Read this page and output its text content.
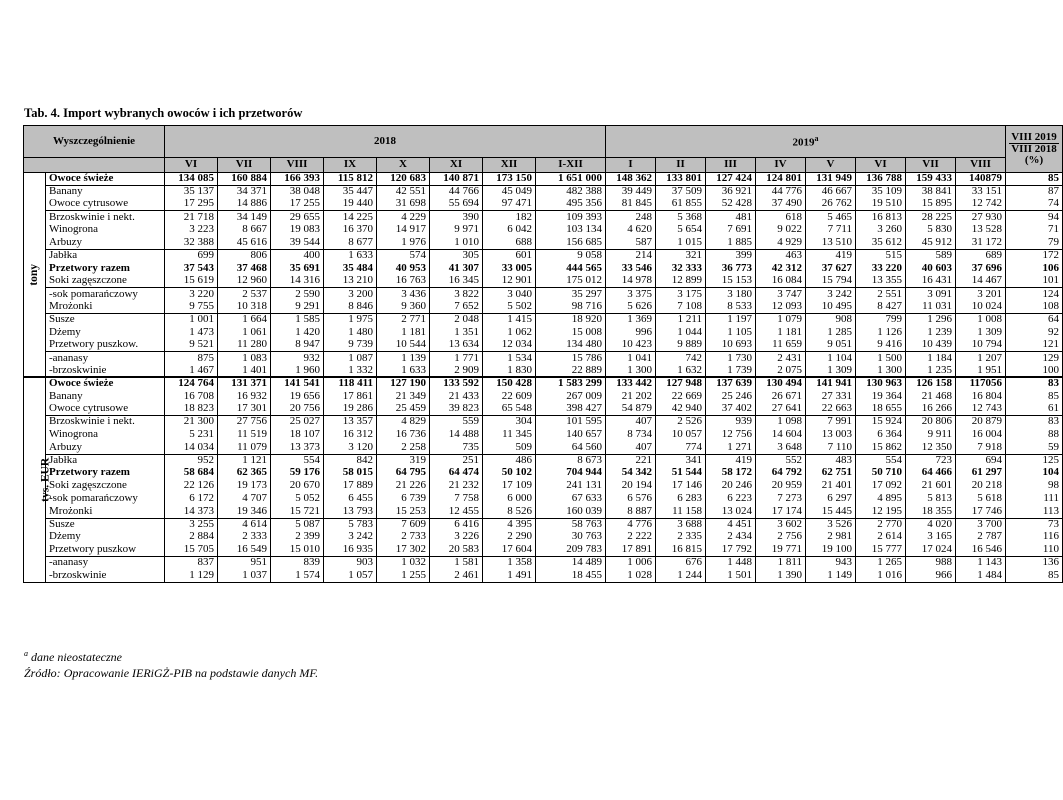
Tab. 4. Import wybranych owoców i ich przetworów
Wyszczególnienie		2018								2019$^a$								VIII 2019
VIII 2018
(%)

		VI	VII	VIII	IX	X	XI	XII	I-XII	I	II	III	IV	V	VI	VII	VIII	
tony	Owoce świeże	134 085	160 884	166 393	115 812	120 683	140 871	173 150	1 651 000	148 362	133 801	127 424	124 801	131 949	136 788	159 433	140879	85
	Banany	35 137	34 371	38 048	35 447	42 551	44 766	45 049	482 388	39 449	37 509	36 921	44 776	46 667	35 109	38 841	33 151	87
	Owoce cytrusowe	17 295	14 886	17 255	19 440	31 698	55 694	97 471	495 356	81 845	61 855	52 428	37 490	26 762	19 510	15 895	12 742	74
	Brzoskwinie i nekt.	21 718	34 149	29 655	14 225	4 229	390	182	109 393	248	5 368	481	618	5 465	16 813	28 225	27 930	94
	Winogrona	3 223	8 667	19 083	16 370	14 917	9 971	6 042	103 134	4 620	5 654	7 691	9 022	7 711	3 260	5 830	13 528	71
	Arbuzy	32 388	45 616	39 544	8 677	1 976	1 010	688	156 685	587	1 015	1 885	4 929	13 510	35 612	45 912	31 172	79
	Jabłka	699	806	400	1 633	574	305	601	9 058	214	321	399	463	419	515	589	689	172
	Przetwory razem	37 543	37 468	35 691	35 484	40 953	41 307	33 005	444 565	33 546	32 333	36 773	42 312	37 627	33 220	40 603	37 696	106
	Soki zagęszczone	15 619	12 960	14 316	13 210	16 763	16 345	12 901	175 012	14 978	12 899	15 153	16 084	15 794	13 355	16 431	14 467	101
	-sok pomarańczowy	3 220	2 537	2 590	3 200	3 436	3 822	3 040	35 297	3 375	3 175	3 180	3 747	3 242	2 551	3 091	3 201	124
	Mrożonki	9 755	10 318	9 291	8 846	9 360	7 652	5 502	98 716	5 626	7 108	8 533	12 093	10 495	8 427	11 031	10 024	108
	Susze	1 001	1 664	1 585	1 975	2 771	2 048	1 415	18 920	1 369	1 211	1 197	1 079	908	799	1 296	1 008	64
	Dżemy	1 473	1 061	1 420	1 480	1 181	1 351	1 062	15 008	996	1 044	1 105	1 181	1 285	1 126	1 239	1 309	92
	Przetwory puszkow.	9 521	11 280	8 947	9 739	10 544	13 634	12 034	134 480	10 423	9 889	10 693	11 659	9 051	9 416	10 439	10 794	121
	-ananasy	875	1 083	932	1 087	1 139	1 771	1 534	15 786	1 041	742	1 730	2 431	1 104	1 500	1 184	1 207	129
	-brzoskwinie	1 467	1 401	1 960	1 332	1 633	2 909	1 830	22 889	1 300	1 632	1 739	2 075	1 309	1 300	1 235	1 951	100
tys. EUR	Owoce świeże	124 764	131 371	141 541	118 411	127 190	133 592	150 428	1 583 299	133 442	127 948	137 639	130 494	141 941	130 963	126 158	117056	83
	Banany	16 708	16 932	19 656	17 861	21 349	21 433	22 609	267 009	21 202	22 669	25 246	26 671	27 331	19 364	21 468	16 804	85
	Owoce cytrusowe	18 823	17 301	20 756	19 286	25 459	39 823	65 548	398 427	54 879	42 940	37 402	27 641	22 663	18 655	16 266	12 743	61
	Brzoskwinie i nekt.	21 300	27 756	25 027	13 357	4 829	559	304	101 595	407	2 526	939	1 098	7 991	15 924	20 806	20 879	83
	Winogrona	5 231	11 519	18 107	16 312	16 736	14 488	11 345	140 657	8 734	10 057	12 756	14 604	13 003	6 364	9 911	16 004	88
	Arbuzy	14 034	11 079	13 373	3 120	2 258	735	509	64 560	407	774	1 271	3 648	7 110	15 862	12 350	7 918	59
	Jabłka	952	1 121	554	842	319	251	486	8 673	221	341	419	552	483	554	723	694	125
	Przetwory razem	58 684	62 365	59 176	58 015	64 795	64 474	50 102	704 944	54 342	51 544	58 172	64 792	62 751	50 710	64 466	61 297	104
	Soki zagęszczone	22 126	19 173	20 670	17 889	21 226	21 232	17 109	241 131	20 194	17 146	20 246	20 959	21 401	17 092	21 601	20 218	98
	-sok pomarańczowy	6 172	4 707	5 052	6 455	6 739	7 758	6 000	67 633	6 576	6 283	6 223	7 273	6 297	4 895	5 813	5 618	111
	Mrożonki	14 373	19 346	15 721	13 793	15 253	12 455	8 526	160 039	8 887	11 158	13 024	17 174	15 445	12 195	18 355	17 746	113
	Susze	3 255	4 614	5 087	5 783	7 609	6 416	4 395	58 763	4 776	3 688	4 451	3 602	3 526	2 770	4 020	3 700	73
	Dżemy	2 884	2 333	2 399	3 242	2 733	3 226	2 290	30 763	2 222	2 335	2 434	2 756	2 981	2 614	3 165	2 787	116
	Przetwory puszkow	15 705	16 549	15 010	16 935	17 302	20 583	17 604	209 783	17 891	16 815	17 792	19 771	19 100	15 777	17 024	16 546	110
	-ananasy	837	951	839	903	1 032	1 581	1 358	14 489	1 006	676	1 448	1 811	943	1 265	988	1 143	136
	-brzoskwinie	1 129	1 037	1 574	1 057	1 255	2 461	1 491	18 455	1 028	1 244	1 501	1 390	1 149	1 016	966	1 484	85
$^a$ dane nieostateczne
Źródło: Opracowanie IERiGŻ-PIB na podstawie danych MF.
